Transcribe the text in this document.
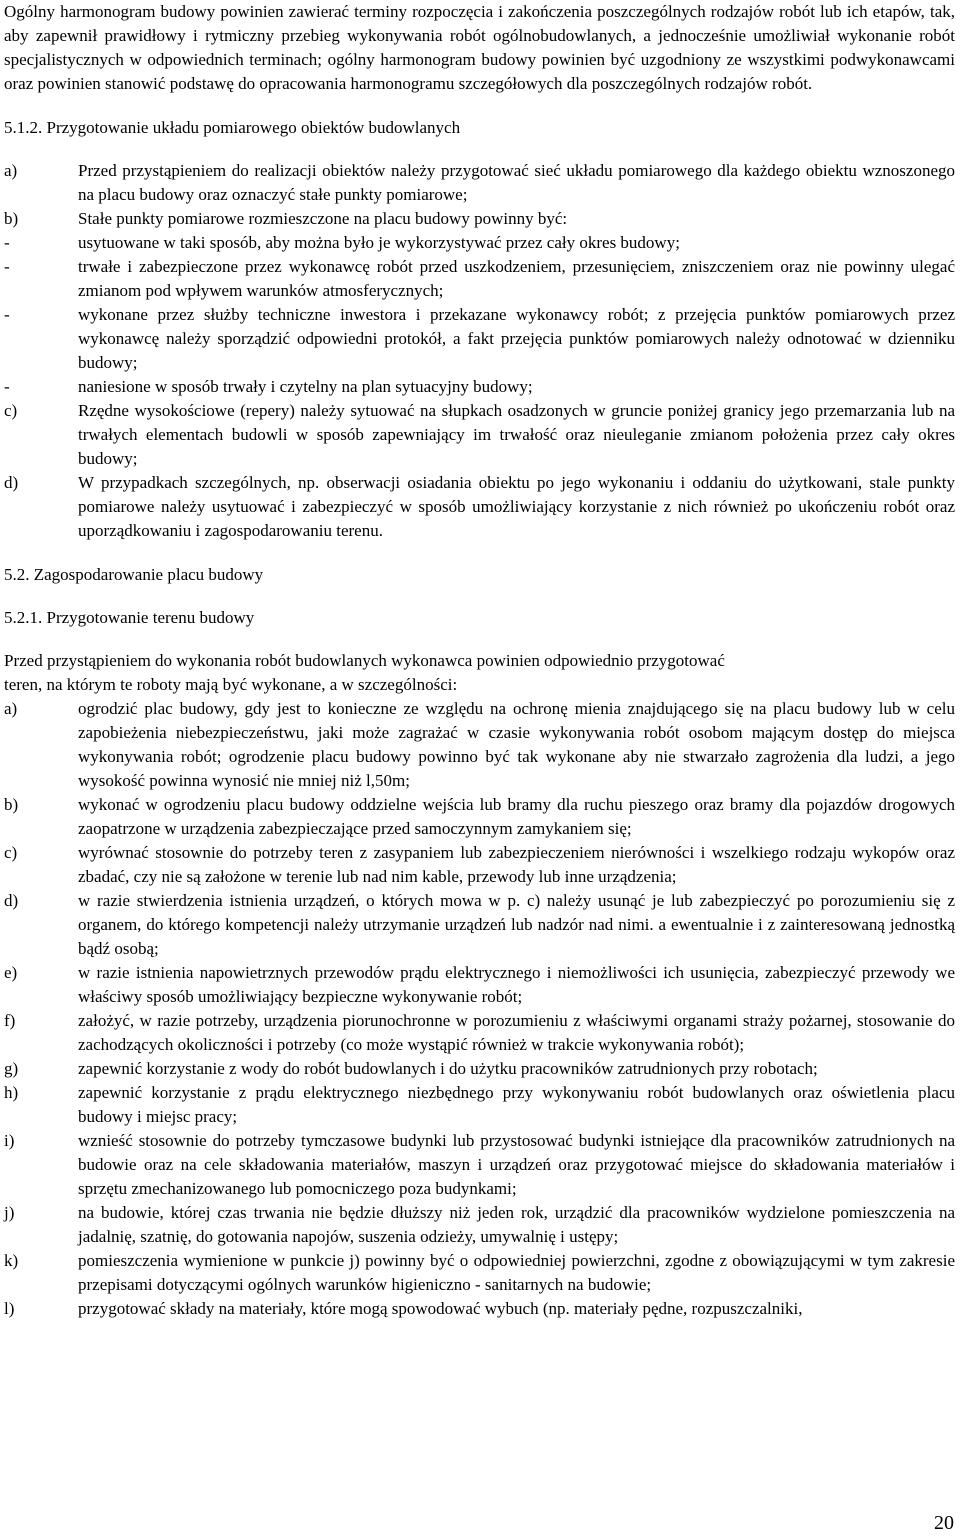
Ogólny harmonogram budowy powinien zawierać terminy rozpoczęcia i zakończenia poszczególnych rodzajów robót lub ich etapów, tak, aby zapewnił prawidłowy i rytmiczny przebieg wykonywania robót ogólnobudowlanych, a jednocześnie umożliwiał wykonanie robót specjalistycznych w odpowiednich terminach; ogólny harmonogram budowy powinien być uzgodniony ze wszystkimi podwykonawcami oraz powinien stanowić podstawę do opracowania harmonogramu szczegółowych dla poszczególnych rodzajów robót.

5.1.2. Przygotowanie układu pomiarowego obiektów budowlanych

a)	Przed przystąpieniem do realizacji obiektów należy przygotować sieć układu pomiarowego dla każdego obiektu wznoszonego na placu budowy oraz oznaczyć stałe punkty pomiarowe;
b)	Stałe punkty pomiarowe rozmieszczone na placu budowy powinny być:
-	usytuowane w taki sposób, aby można było je wykorzystywać przez cały okres budowy;
-	trwałe i zabezpieczone przez wykonawcę robót przed uszkodzeniem, przesunięciem, zniszczeniem oraz nie powinny ulegać zmianom pod wpływem warunków atmosferycznych;
-	wykonane przez służby techniczne inwestora i przekazane wykonawcy robót; z przejęcia punktów pomiarowych przez wykonawcę należy sporządzić odpowiedni protokół, a fakt przejęcia punktów pomiarowych należy odnotować w dzienniku budowy;
-	naniesione w sposób trwały i czytelny na plan sytuacyjny budowy;
c)	Rzędne wysokościowe (repery) należy sytuować na słupkach osadzonych w gruncie poniżej granicy jego przemarzania lub na trwałych elementach budowli w sposób zapewniający im trwałość oraz nieuleganie zmianom położenia przez cały okres budowy;
d)	W przypadkach szczególnych, np. obserwacji osiadania obiektu po jego wykonaniu i oddaniu do użytkowani, stale punkty pomiarowe należy usytuować i zabezpieczyć w sposób umożliwiający korzystanie z nich również po ukończeniu robót oraz uporządkowaniu i zagospodarowaniu terenu.

5.2. Zagospodarowanie placu budowy

5.2.1. Przygotowanie terenu budowy

Przed przystąpieniem do wykonania robót budowlanych wykonawca powinien odpowiednio przygotować

teren, na którym te roboty mają być wykonane, a w szczególności:

a)	ogrodzić plac budowy, gdy jest to konieczne ze względu na ochronę mienia znajdującego się na placu budowy lub w celu zapobieżenia niebezpieczeństwu, jaki może zagrażać w czasie wykonywania robót osobom mającym dostęp do miejsca wykonywania robót; ogrodzenie placu budowy powinno być tak wykonane aby nie stwarzało zagrożenia dla ludzi, a jego wysokość powinna wynosić nie mniej niż l,50m;
b)	wykonać w ogrodzeniu placu budowy oddzielne wejścia lub bramy dla ruchu pieszego oraz bramy dla pojazdów drogowych zaopatrzone w urządzenia zabezpieczające przed samoczynnym zamykaniem się;
c)	wyrównać stosownie do potrzeby teren z zasypaniem lub zabezpieczeniem nierówności i wszelkiego rodzaju wykopów oraz zbadać, czy nie są założone w terenie lub nad nim kable, przewody lub inne urządzenia;
d)	w razie stwierdzenia istnienia urządzeń, o których mowa w p. c) należy usunąć je lub zabezpieczyć po porozumieniu się z organem, do którego kompetencji należy utrzymanie urządzeń lub nadzór nad nimi. a ewentualnie i z zainteresowaną jednostką bądź osobą;
e)	w razie istnienia napowietrznych przewodów prądu elektrycznego i niemożliwości ich usunięcia, zabezpieczyć przewody we właściwy sposób umożliwiający bezpieczne wykonywanie robót;
f)	założyć, w razie potrzeby, urządzenia piorunochronne w porozumieniu z właściwymi organami straży pożarnej, stosowanie do zachodzących okoliczności i potrzeby (co może wystąpić również w trakcie wykonywania robót);
g)	zapewnić korzystanie z wody do robót budowlanych i do użytku pracowników zatrudnionych przy robotach;
h)	zapewnić korzystanie z prądu elektrycznego niezbędnego przy wykonywaniu robót budowlanych oraz oświetlenia placu budowy i miejsc pracy;
i)	wznieść stosownie do potrzeby tymczasowe budynki lub przystosować budynki istniejące dla pracowników zatrudnionych na budowie oraz na cele składowania materiałów, maszyn i urządzeń oraz przygotować miejsce do składowania materiałów i sprzętu zmechanizowanego lub pomocniczego poza budynkami;
j)	na budowie, której czas trwania nie będzie dłuższy niż jeden rok, urządzić dla pracowników wydzielone pomieszczenia na jadalnię, szatnię, do gotowania napojów, suszenia odzieży, umywalnię i ustępy;
k)	pomieszczenia wymienione w punkcie j) powinny być o odpowiedniej powierzchni, zgodne z obowiązującymi w tym zakresie przepisami dotyczącymi ogólnych warunków higieniczno - sanitarnych na budowie;
l)	przygotować składy na materiały, które mogą spowodować wybuch (np. materiały pędne, rozpuszczalniki,
20
